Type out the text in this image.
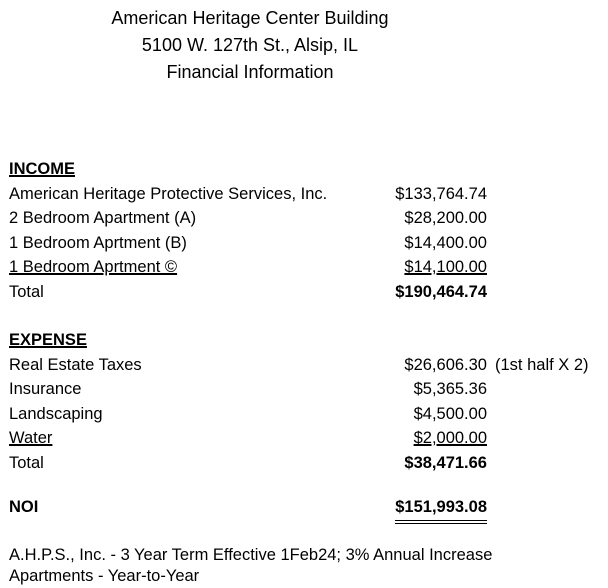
American Heritage Center Building
5100 W. 127th St., Alsip, IL
Financial Information
INCOME
American Heritage Protective Services, Inc.	$133,764.74
2 Bedroom Apartment (A)	$28,200.00
1 Bedroom Aprtment (B)	$14,400.00
1 Bedroom Aprtment ©	$14,100.00
Total	$190,464.74
EXPENSE
Real Estate Taxes	$26,606.30 (1st half X 2)
Insurance	$5,365.36
Landscaping	$4,500.00
Water	$2,000.00
Total	$38,471.66
NOI	$151,993.08
A.H.P.S., Inc. - 3 Year Term Effective 1Feb24; 3% Annual Increase
Apartments - Year-to-Year
